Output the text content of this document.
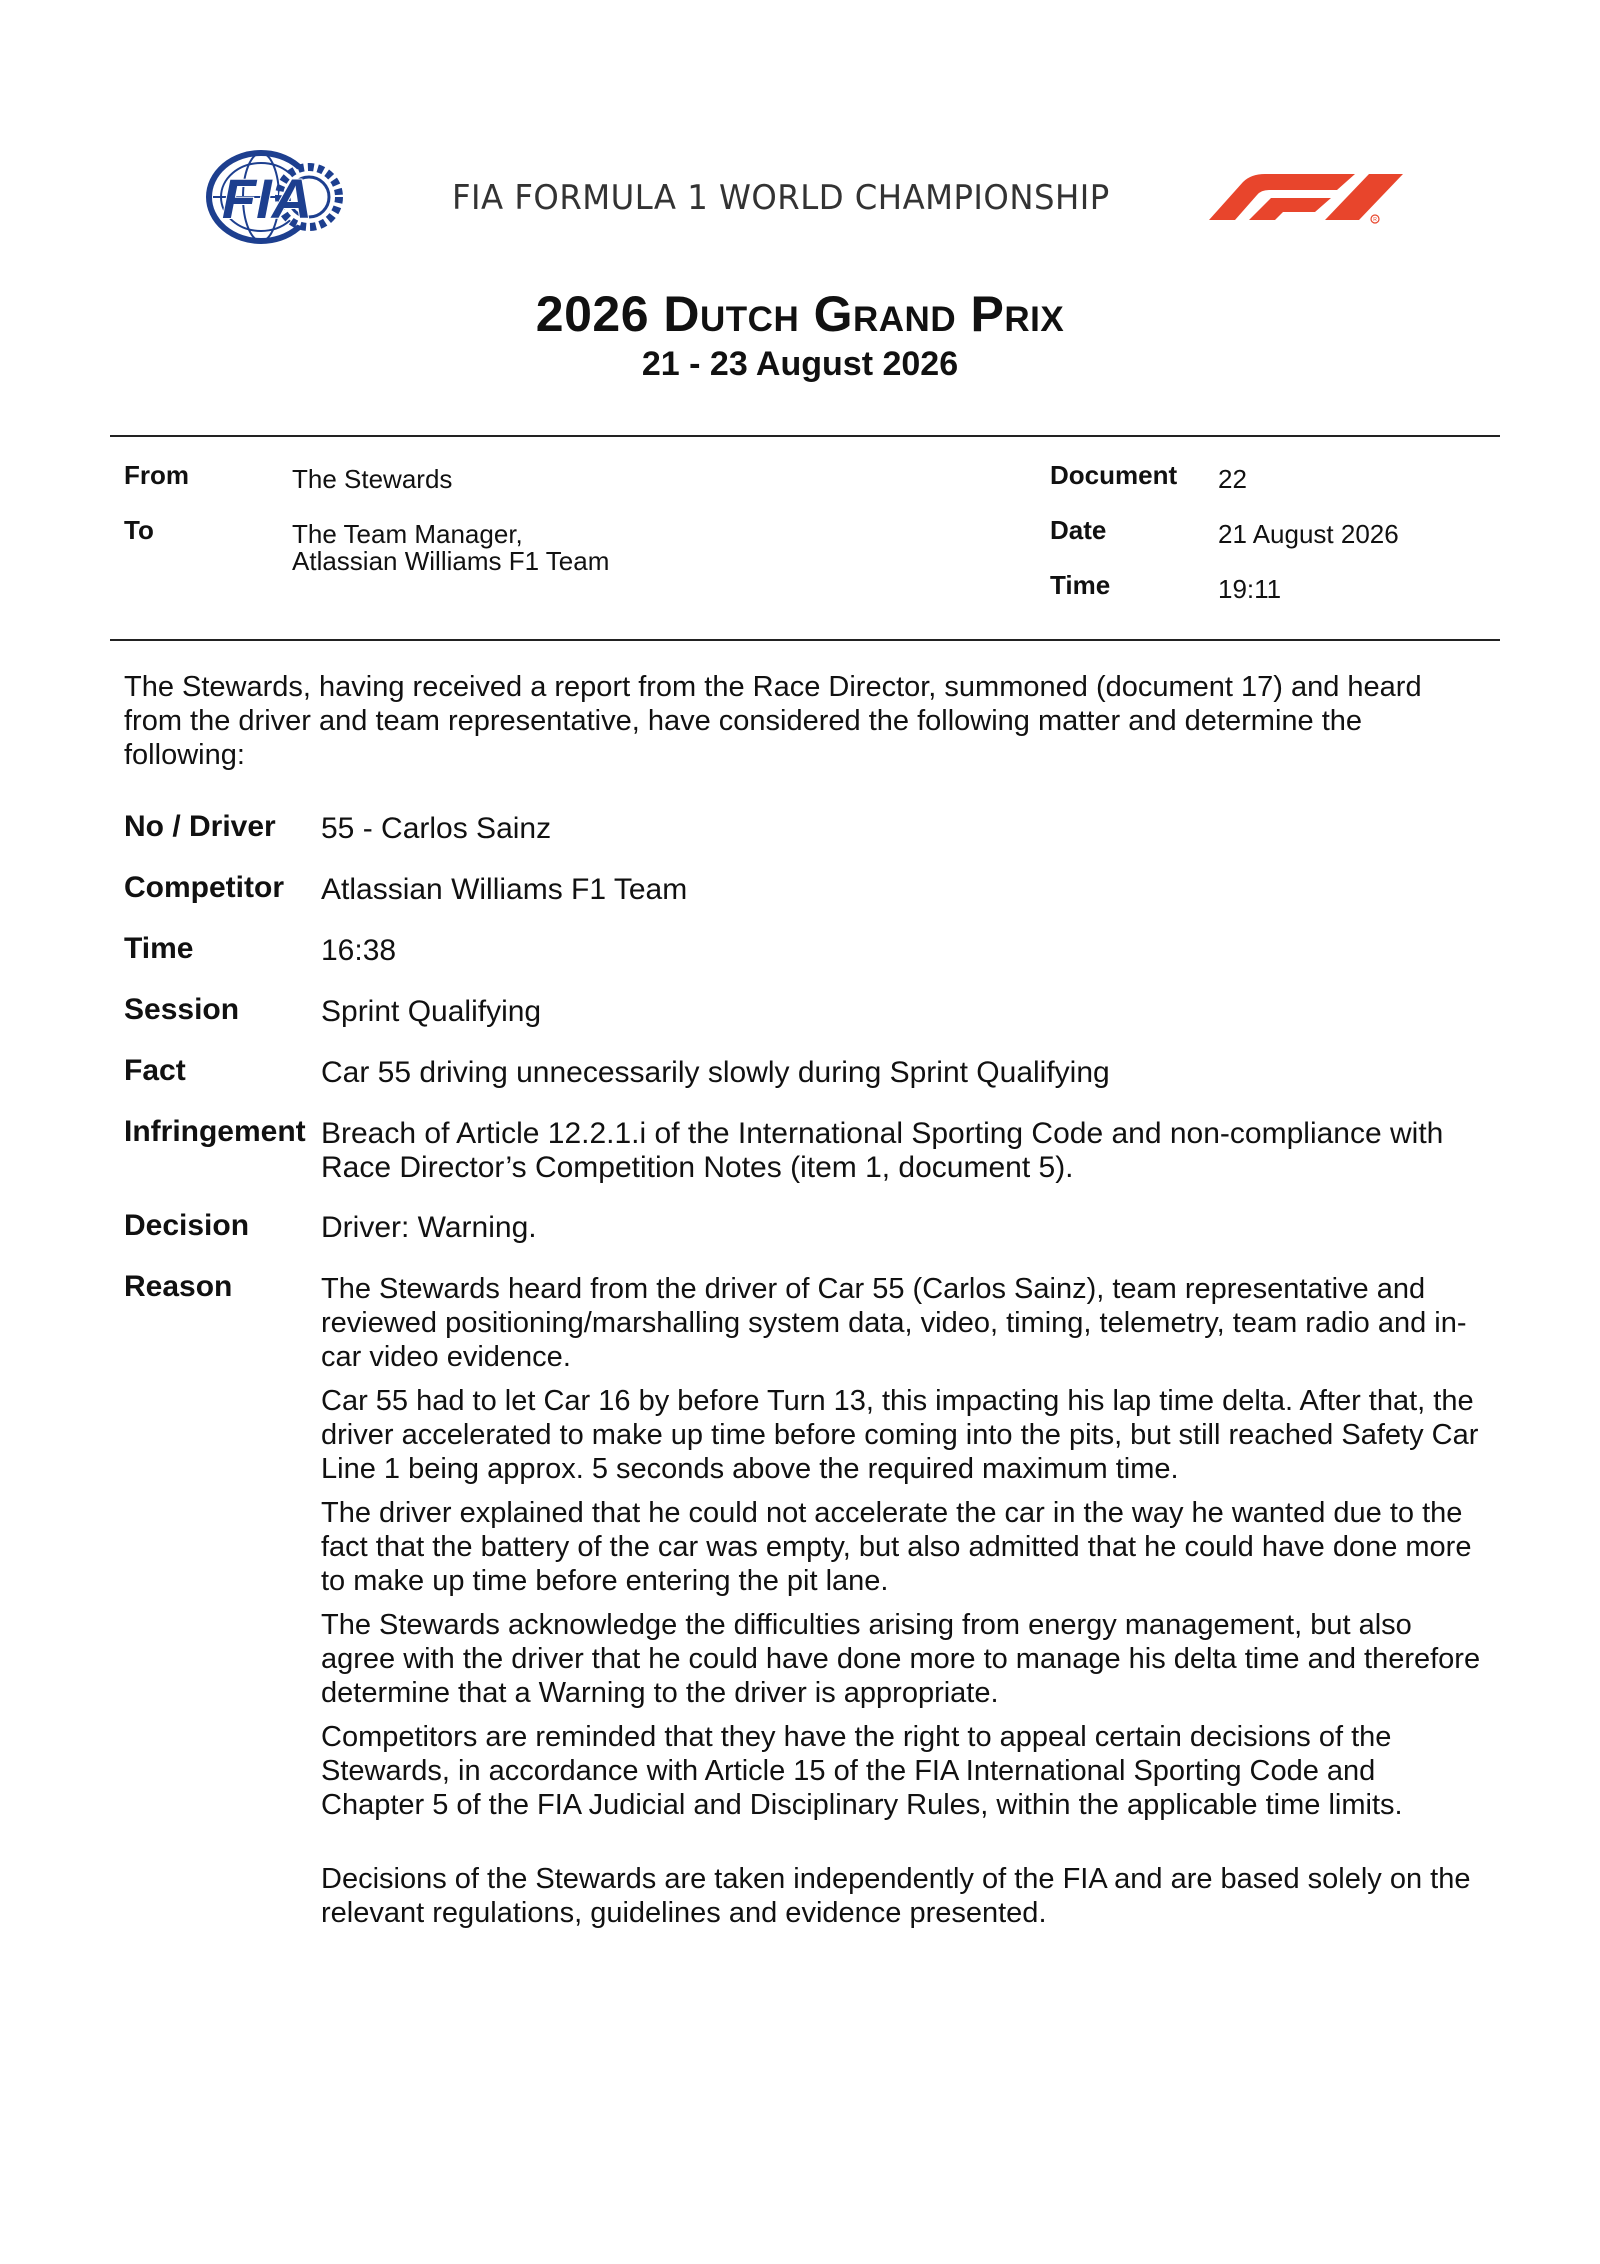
FIA	FIA FORMULA 1 WORLD CHAMPIONSHIP
R
2026 Dutch Grand Prix
21 - 23 August 2026
From	The Stewards
To	The Team Manager,
Atlassian Williams F1 Team
Document 22
Date	21 August 2026
Time	19:11
The Stewards, having received a report from the Race Director, summoned (document 17) and heard from the driver and team representative, have considered the following matter and determine the following:
No / Driver 55 - Carlos Sainz
Competitor Atlassian Williams F1 Team
Time	16:38
Session	Sprint Qualifying
Fact	Car 55 driving unnecessarily slowly during Sprint Qualifying
Infringement Breach of Article 12.2.1.i of the International Sporting Code and non-compliance with Race Director’s Competition Notes (item 1, document 5).
Decision Driver: Warning.
Reason	The Stewards heard from the driver of Car 55 (Carlos Sainz), team representative and reviewed positioning/marshalling system data, video, timing, telemetry, team radio and in-car video evidence.

Car 55 had to let Car 16 by before Turn 13, this impacting his lap time delta. After that, the driver accelerated to make up time before coming into the pits, but still reached Safety Car Line 1 being approx. 5 seconds above the required maximum time.

The driver explained that he could not accelerate the car in the way he wanted due to the fact that the battery of the car was empty, but also admitted that he could have done more to make up time before entering the pit lane.

The Stewards acknowledge the difficulties arising from energy management, but also agree with the driver that he could have done more to manage his delta time and therefore determine that a Warning to the driver is appropriate.

Competitors are reminded that they have the right to appeal certain decisions of the Stewards, in accordance with Article 15 of the FIA International Sporting Code and Chapter 5 of the FIA Judicial and Disciplinary Rules, within the applicable time limits.

Decisions of the Stewards are taken independently of the FIA and are based solely on the relevant regulations, guidelines and evidence presented.
